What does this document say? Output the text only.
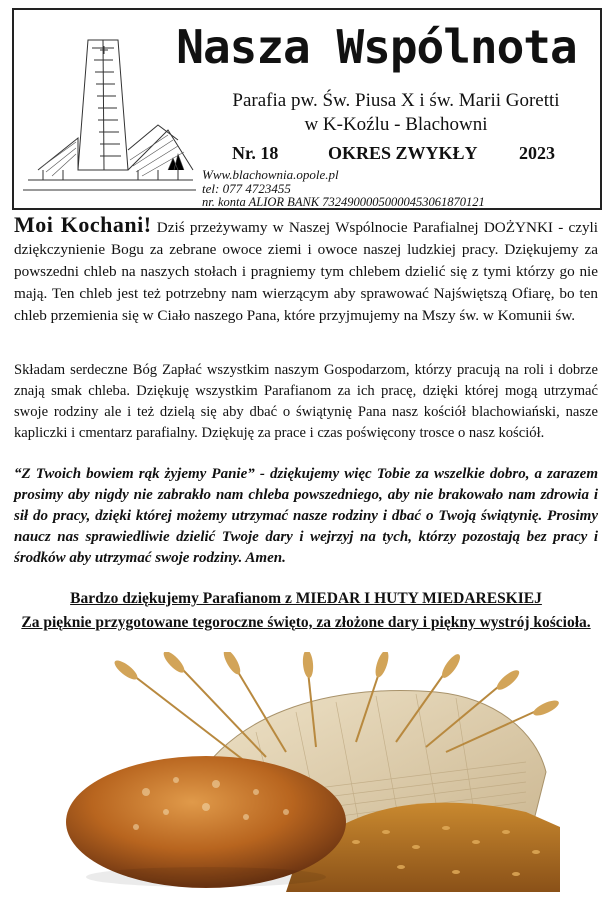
Nasza Wspólnota
Parafia pw. Św. Piusa X i św. Marii Goretti
w K-Koźlu - Blachowni
Nr. 18	OKRES ZWYKŁY 2023
Www.blachownia.opole.pl
tel: 077 4723455
nr. konta ALIOR BANK 73249000050000453061870121
Moi Kochani! Dziś przeżywamy w Naszej Wspólnocie Parafialnej DOŻYNKI - czyli dziękczynienie Bogu za zebrane owoce ziemi i owoce naszej ludzkiej pracy. Dziękujemy za powszedni chleb na naszych stołach i pragniemy tym chlebem dzielić się z tymi którzy go nie mają. Ten chleb jest też potrzebny nam wierzącym aby sprawować Najświętszą Ofiarę, bo ten chleb przemienia się w Ciało naszego Pana, które przyjmujemy na Mszy św. w Komunii św.
Składam serdeczne Bóg Zapłać wszystkim naszym Gospodarzom, którzy pracują na roli i dobrze znają smak chleba. Dziękuję wszystkim Parafianom za ich pracę, dzięki której mogą utrzymać swoje rodziny ale i też dzielą się aby dbać o świątynię Pana nasz kościół blachowiański, nasze kapliczki i cmentarz parafialny. Dziękuję za prace i czas poświęcony trosce o nasz kościół.
“Z Twoich bowiem rąk żyjemy Panie” - dziękujemy więc Tobie za wszelkie dobro, a zarazem prosimy aby nigdy nie zabrakło nam chleba powszedniego, aby nie brakowało nam zdrowia i sił do pracy, dzięki której możemy utrzymać nasze rodziny i dbać o Twoją świątynię. Prosimy naucz nas sprawiedliwie dzielić Twoje dary i wejrzyj na tych, którzy pozostają bez pracy i środków aby utrzymać swoje rodziny. Amen.
Bardzo dziękujemy Parafianom z MIEDAR I HUTY MIEDARESKIEJ
Za pięknie przygotowane tegoroczne święto, za złożone dary i piękny wystrój kościoła.
